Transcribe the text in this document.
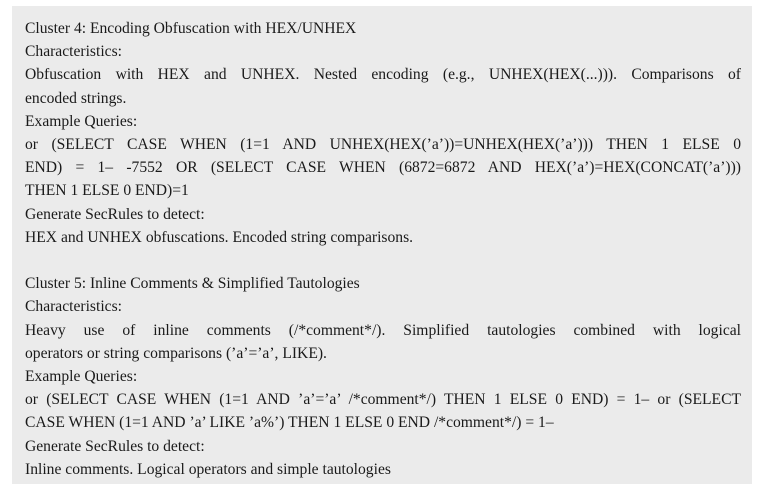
Cluster 4: Encoding Obfuscation with HEX/UNHEX
Characteristics:
Obfuscation with HEX and UNHEX. Nested encoding (e.g., UNHEX(HEX(...))). Comparisons of
encoded strings.
Example Queries:
or (SELECT CASE WHEN (1=1 AND UNHEX(HEX(’a’))=UNHEX(HEX(’a’))) THEN 1 ELSE 0
END) = 1– -7552 OR (SELECT CASE WHEN (6872=6872 AND HEX(’a’)=HEX(CONCAT(’a’)))
THEN 1 ELSE 0 END)=1
Generate SecRules to detect:
HEX and UNHEX obfuscations. Encoded string comparisons.
Cluster 5: Inline Comments & Simplified Tautologies
Characteristics:
Heavy use of inline comments (/*comment*/). Simplified tautologies combined with logical
operators or string comparisons (’a’=’a’, LIKE).
Example Queries:
or (SELECT CASE WHEN (1=1 AND ’a’=’a’ /*comment*/) THEN 1 ELSE 0 END) = 1– or (SELECT
CASE WHEN (1=1 AND ’a’ LIKE ’a%’) THEN 1 ELSE 0 END /*comment*/) = 1–
Generate SecRules to detect:
Inline comments. Logical operators and simple tautologies
